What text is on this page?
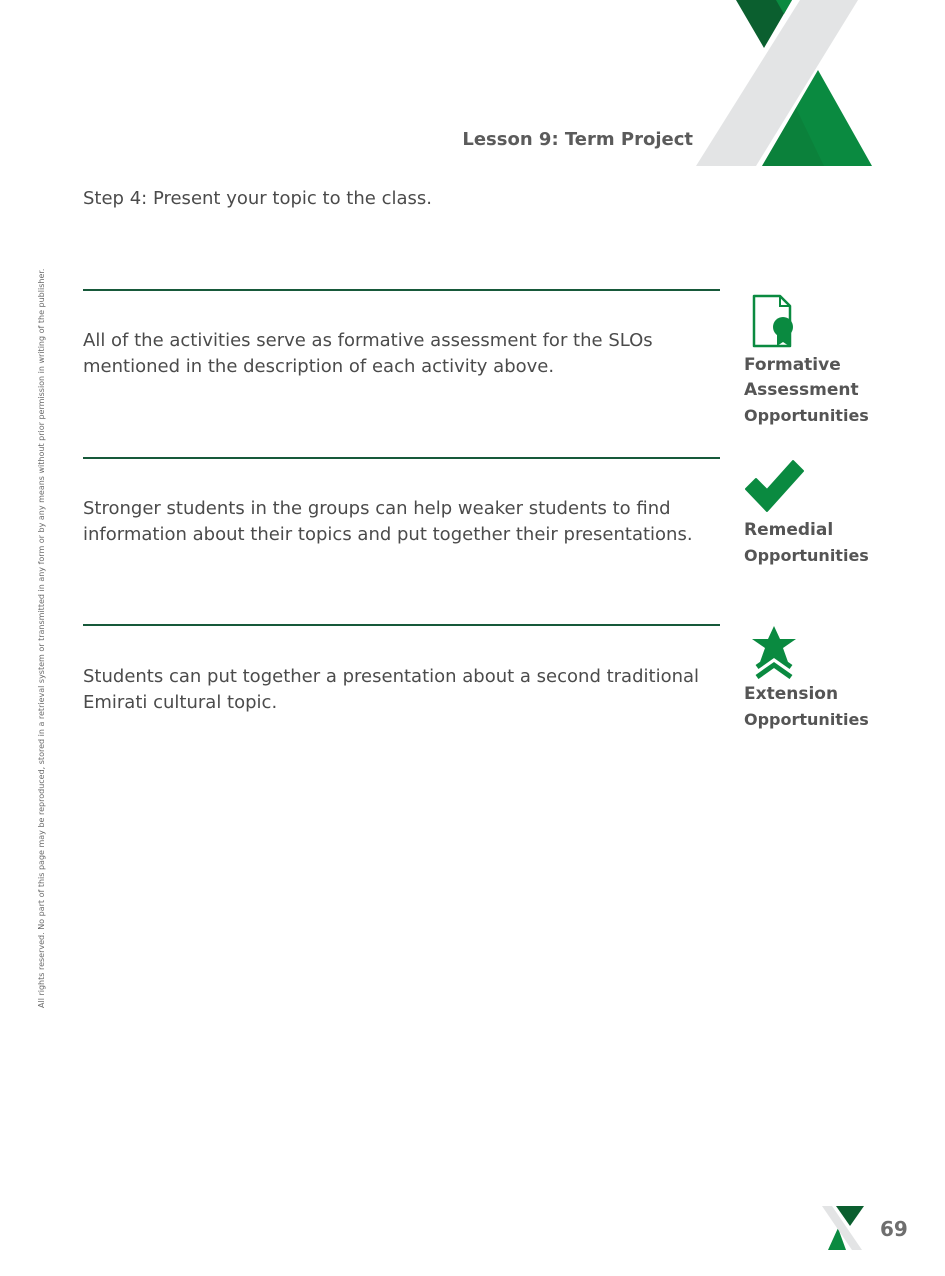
Lesson 9: Term Project
Step 4: Present your topic to the class.
All rights reserved. No part of this page may be reproduced, stored in a retrieval system or transmitted in any form or by any means without prior permission in writing of the publisher. All of the activities serve as formative assessment for the SLOs mentioned in the description of each activity above.	Formative
Assessment
Opportunities
Stronger students in the groups can help weaker students to find information about their topics and put together their presentations.	Remedial
Opportunities
Students can put together a presentation about a second traditional Emirati cultural topic.	Extension
Opportunities
69
